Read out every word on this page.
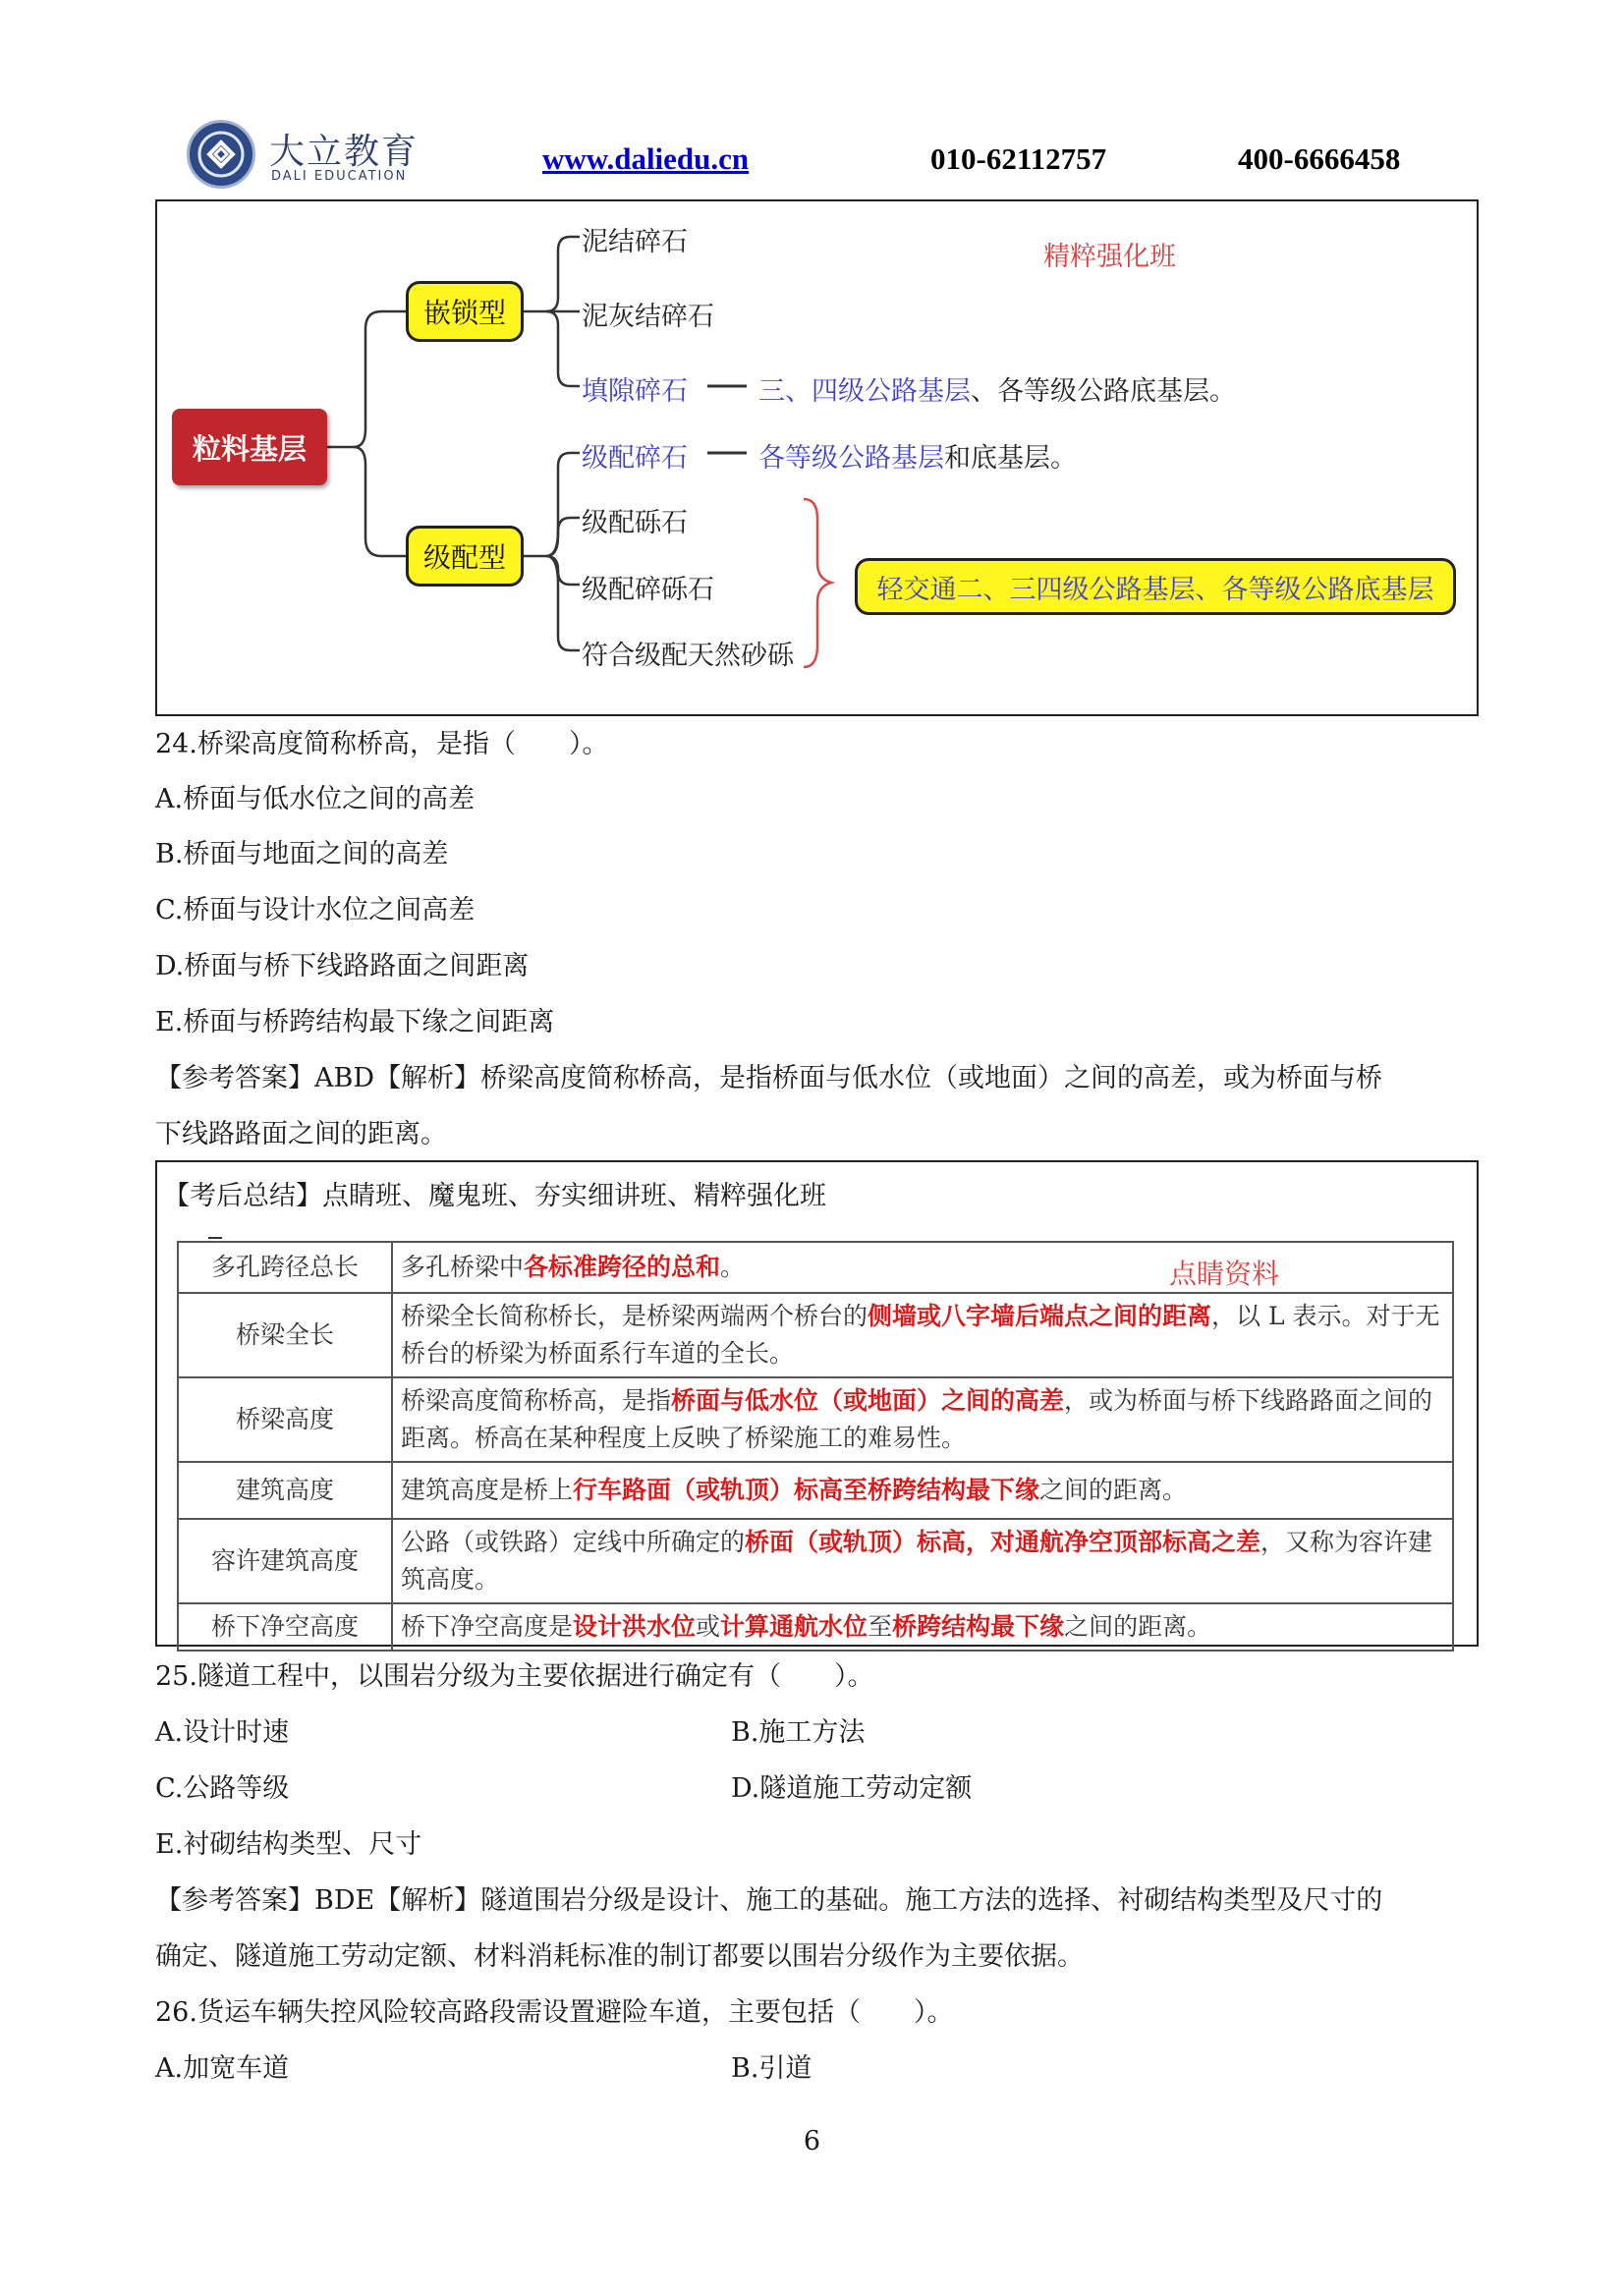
大立教育
DALI EDUCATION
www.daliedu.cn	010-62112757	400-6666458
粒料基层
精粹强化班
嵌锁型
泥结碎石
泥灰结碎石
填隙碎石	三、四级公路基层、各等级公路底基层。
级配型
级配碎石	各等级公路基层和底基层。
级配砾石
级配碎砾石
符合级配天然砂砾
轻交通二、三四级公路基层、各等级公路底基层
24.桥梁高度简称桥高，是指（　　）。
A.桥面与低水位之间的高差
B.桥面与地面之间的高差
C.桥面与设计水位之间高差
D.桥面与桥下线路路面之间距离
E.桥面与桥跨结构最下缘之间距离
【参考答案】ABD【解析】桥梁高度简称桥高，是指桥面与低水位（或地面）之间的高差，或为桥面与桥
下线路路面之间的距离。
【考后总结】点睛班、魔鬼班、夯实细讲班、精粹强化班
多孔跨径总长	多孔桥梁中各标准跨径的总和。
桥梁全长	桥梁全长简称桥长，是桥梁两端两个桥台的侧墙或八字墙后端点之间的距离，以 L 表示。对于无桥台的桥梁为桥面系行车道的全长。
桥梁高度	桥梁高度简称桥高，是指桥面与低水位（或地面）之间的高差，或为桥面与桥下线路路面之间的距离。桥高在某种程度上反映了桥梁施工的难易性。
建筑高度	建筑高度是桥上行车路面（或轨顶）标高至桥跨结构最下缘之间的距离。
容许建筑高度	公路（或铁路）定线中所确定的桥面（或轨顶）标高，对通航净空顶部标高之差，又称为容许建筑高度。
桥下净空高度	桥下净空高度是设计洪水位或计算通航水位至桥跨结构最下缘之间的距离。
点睛资料
25.隧道工程中，以围岩分级为主要依据进行确定有（　　）。
A.设计时速	B.施工方法
C.公路等级	D.隧道施工劳动定额
E.衬砌结构类型、尺寸
【参考答案】BDE【解析】隧道围岩分级是设计、施工的基础。施工方法的选择、衬砌结构类型及尺寸的
确定、隧道施工劳动定额、材料消耗标准的制订都要以围岩分级作为主要依据。
26.货运车辆失控风险较高路段需设置避险车道，主要包括（　　）。
A.加宽车道	B.引道
6
